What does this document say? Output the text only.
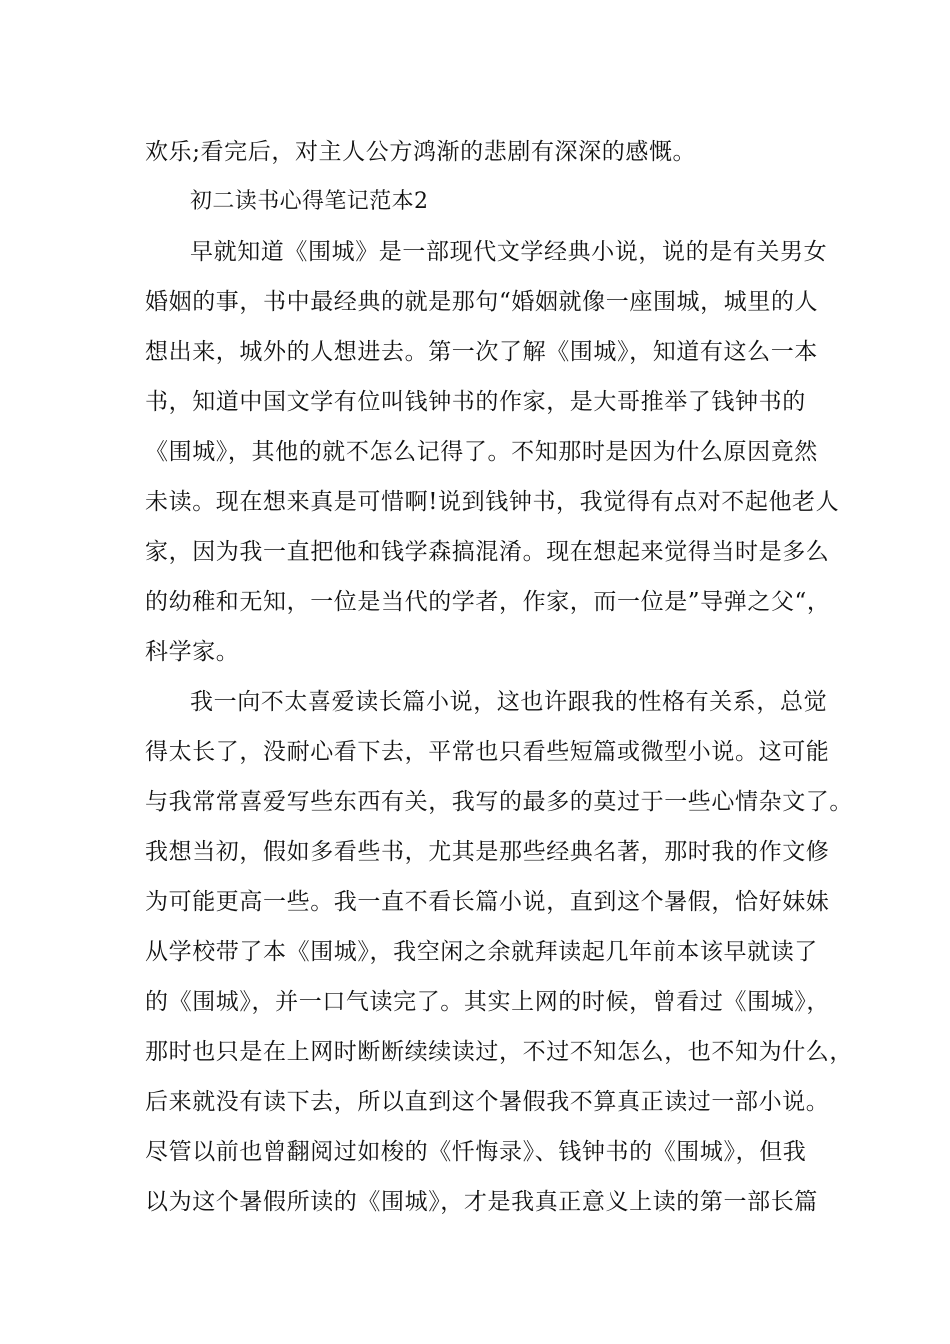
欢乐;看完后，对主人公方鸿渐的悲剧有深深的感慨。
初二读书心得笔记范本2
早就知道《围城》是一部现代文学经典小说，说的是有关男女
婚姻的事，书中最经典的就是那句“婚姻就像一座围城，城里的人
想出来，城外的人想进去。第一次了解《围城》，知道有这么一本
书，知道中国文学有位叫钱钟书的作家，是大哥推举了钱钟书的
《围城》，其他的就不怎么记得了。不知那时是因为什么原因竟然
未读。现在想来真是可惜啊!说到钱钟书，我觉得有点对不起他老人
家，因为我一直把他和钱学森搞混淆。现在想起来觉得当时是多么
的幼稚和无知，一位是当代的学者，作家，而一位是”导弹之父“，
科学家。
我一向不太喜爱读长篇小说，这也许跟我的性格有关系，总觉
得太长了，没耐心看下去，平常也只看些短篇或微型小说。这可能
与我常常喜爱写些东西有关，我写的最多的莫过于一些心情杂文了。
我想当初，假如多看些书，尤其是那些经典名著，那时我的作文修
为可能更高一些。我一直不看长篇小说，直到这个暑假，恰好妹妹
从学校带了本《围城》，我空闲之余就拜读起几年前本该早就读了
的《围城》，并一口气读完了。其实上网的时候，曾看过《围城》，
那时也只是在上网时断断续续读过，不过不知怎么，也不知为什么，
后来就没有读下去，所以直到这个暑假我不算真正读过一部小说。
尽管以前也曾翻阅过如梭的《忏悔录》、钱钟书的《围城》，但我
以为这个暑假所读的《围城》，才是我真正意义上读的第一部长篇
